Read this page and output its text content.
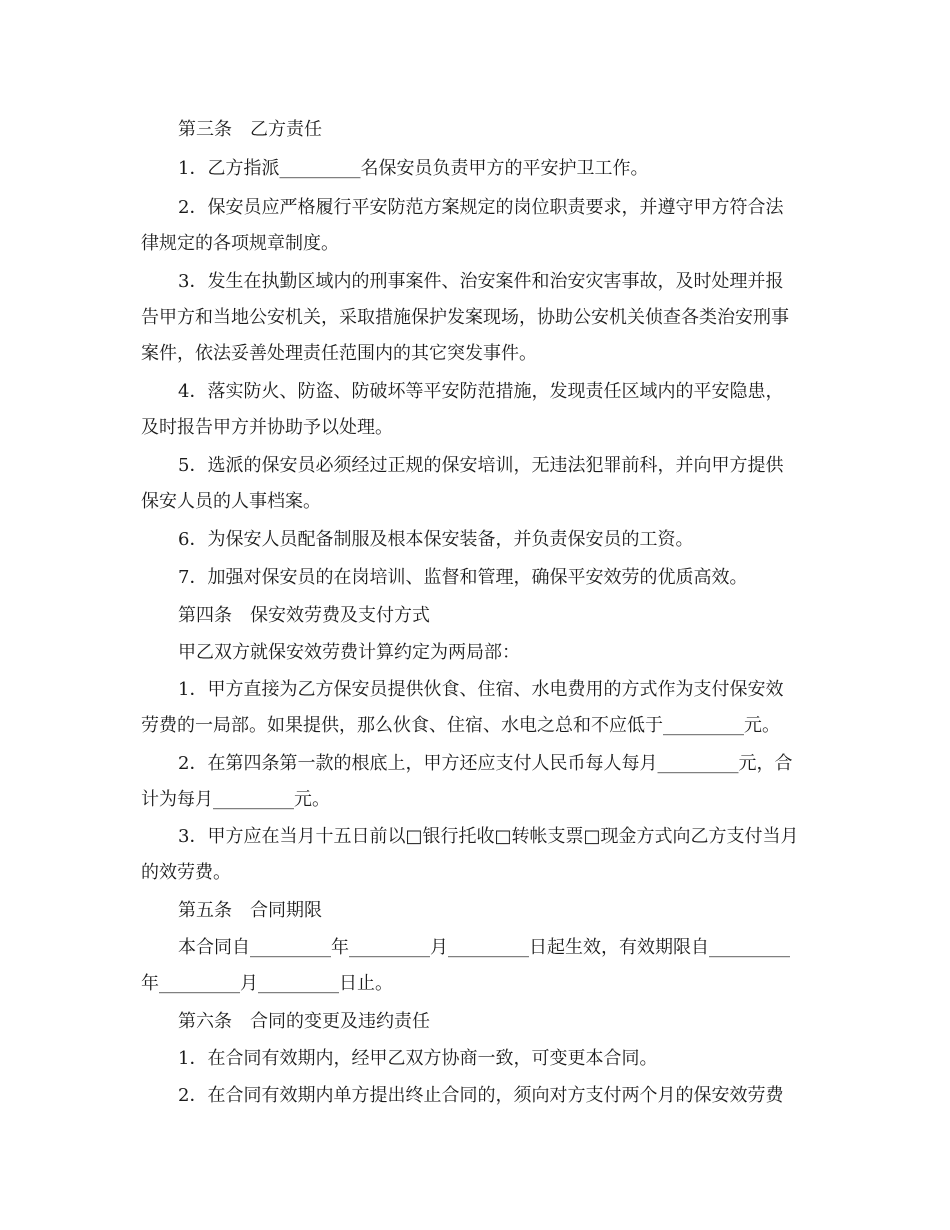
第三条　乙方责任
1．乙方指派_________名保安员负责甲方的平安护卫工作。
2．保安员应严格履行平安防范方案规定的岗位职责要求，并遵守甲方符合法
律规定的各项规章制度。
3．发生在执勤区域内的刑事案件、治安案件和治安灾害事故，及时处理并报
告甲方和当地公安机关，采取措施保护发案现场，协助公安机关侦查各类治安刑事
案件，依法妥善处理责任范围内的其它突发事件。
4．落实防火、防盗、防破坏等平安防范措施，发现责任区域内的平安隐患，
及时报告甲方并协助予以处理。
5．选派的保安员必须经过正规的保安培训，无违法犯罪前科，并向甲方提供
保安人员的人事档案。
6．为保安人员配备制服及根本保安装备，并负责保安员的工资。
7．加强对保安员的在岗培训、监督和管理，确保平安效劳的优质高效。
第四条　保安效劳费及支付方式
甲乙双方就保安效劳费计算约定为两局部：
1．甲方直接为乙方保安员提供伙食、住宿、水电费用的方式作为支付保安效
劳费的一局部。如果提供，那么伙食、住宿、水电之总和不应低于_________元。
2．在第四条第一款的根底上，甲方还应支付人民币每人每月_________元，合
计为每月_________元。
3．甲方应在当月十五日前以□银行托收□转帐支票□现金方式向乙方支付当月
的效劳费。
第五条　合同期限
本合同自_________年_________月_________日起生效，有效期限自_________
年_________月_________日止。
第六条　合同的变更及违约责任
1．在合同有效期内，经甲乙双方协商一致，可变更本合同。
2．在合同有效期内单方提出终止合同的，须向对方支付两个月的保安效劳费
